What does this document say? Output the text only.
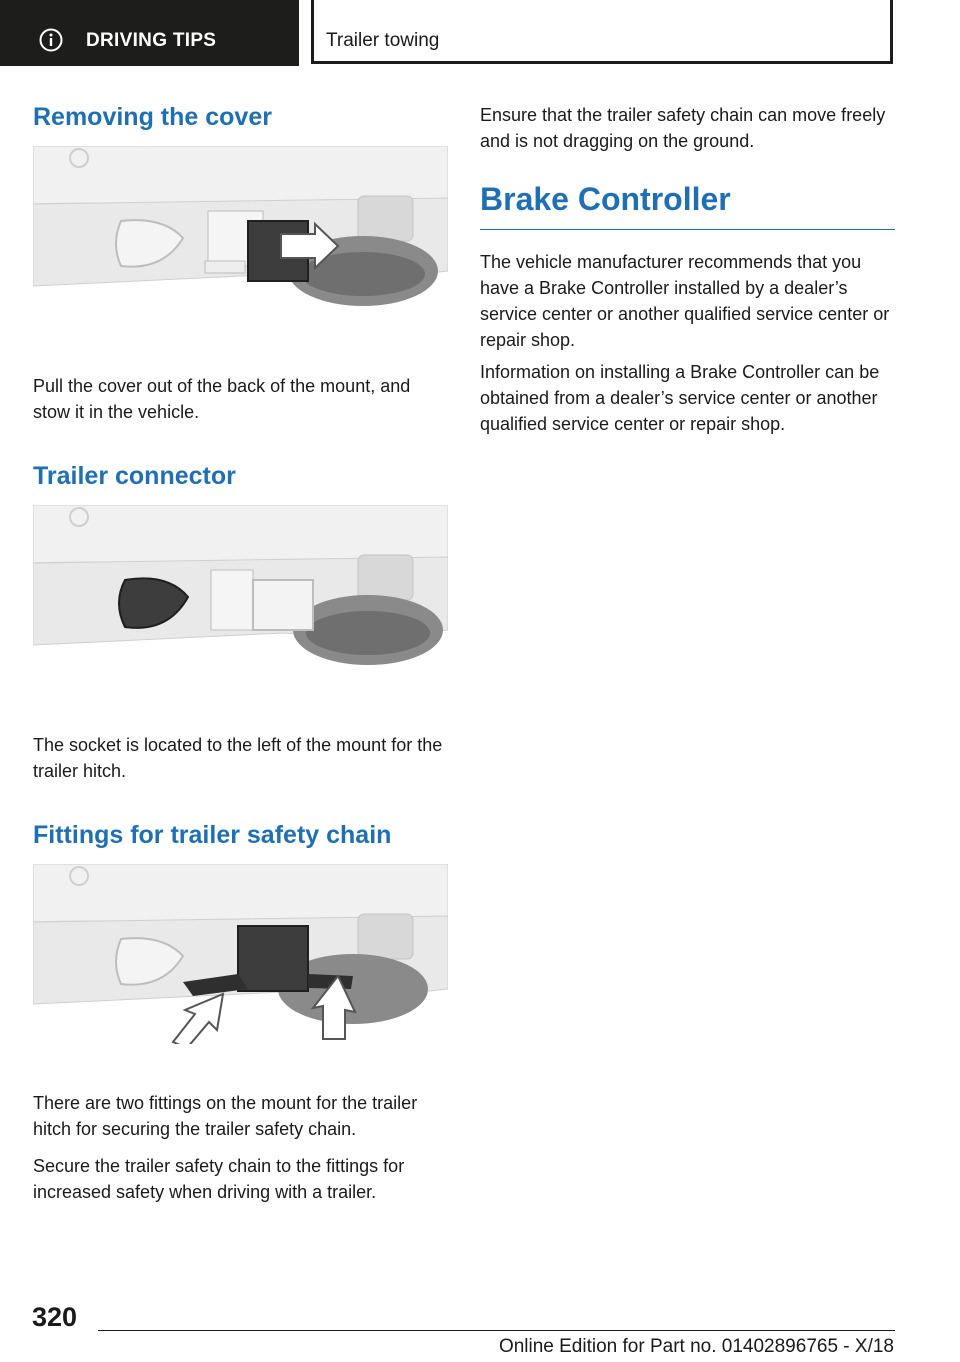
DRIVING TIPS	Trailer towing
Removing the cover

Pull the cover out of the back of the mount, and stow it in the vehicle.

Trailer connector

The socket is located to the left of the mount for the trailer hitch.

Fittings for trailer safety chain

There are two fittings on the mount for the trailer hitch for securing the trailer safety chain.

Secure the trailer safety chain to the fittings for increased safety when driving with a trailer.

Ensure that the trailer safety chain can move freely and is not dragging on the ground.

Brake Controller

The vehicle manufacturer recommends that you have a Brake Controller installed by a dealer’s service center or another qualified service center or repair shop.

Information on installing a Brake Controller can be obtained from a dealer’s service center or another qualified service center or repair shop.

320
Online Edition for Part no. 01402896765 - X/18
